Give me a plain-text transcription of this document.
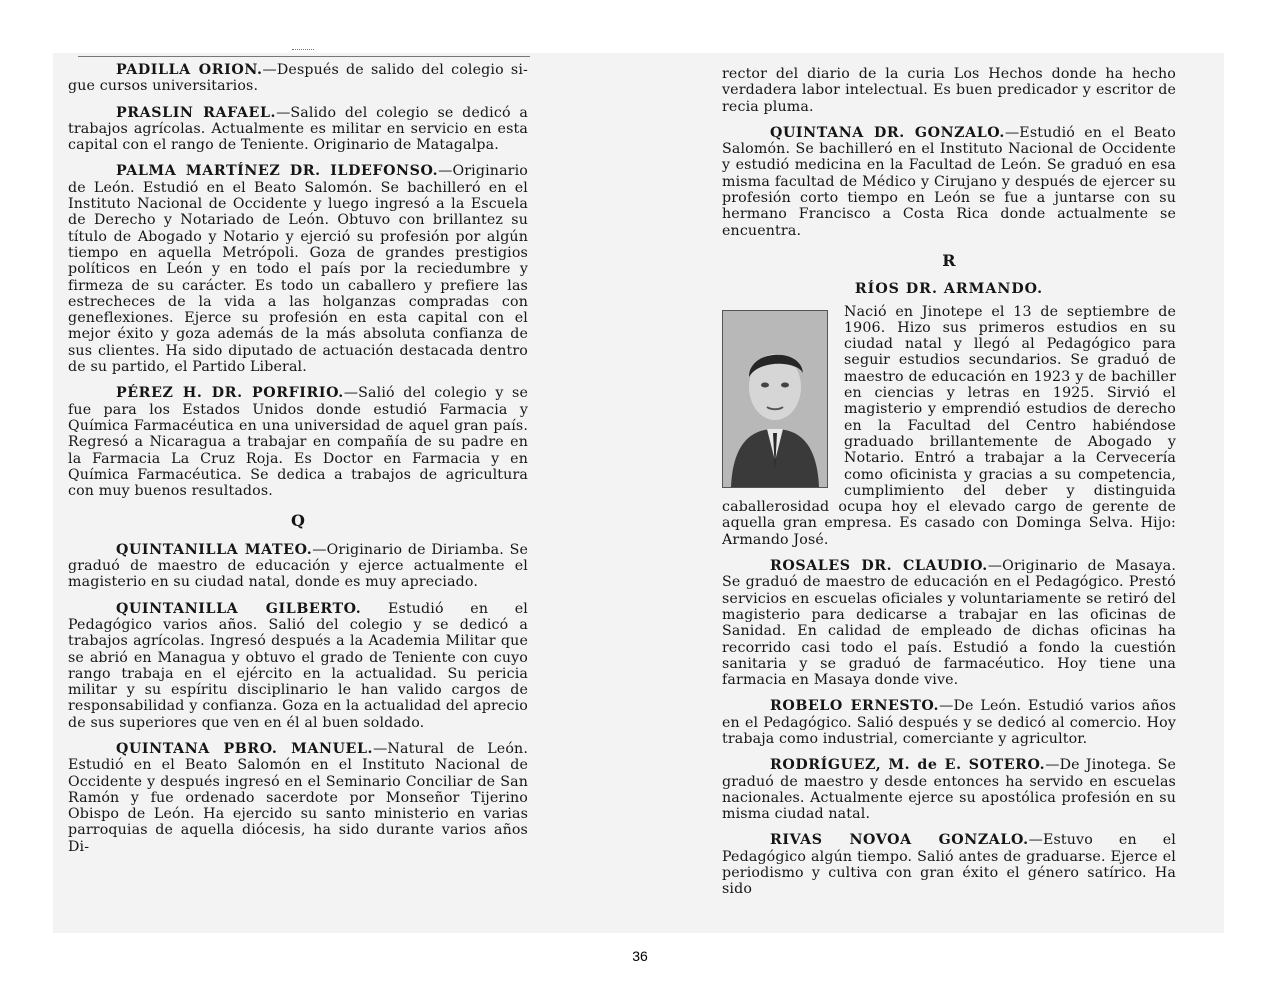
PADILLA ORION.—Después de salido del colegio si- gue cursos universitarios.

PRASLIN RAFAEL.—Salido del colegio se dedicó a trabajos agrícolas. Actualmente es militar en servicio en esta capital con el rango de Teniente. Originario de Matagalpa.

PALMA MARTÍNEZ DR. ILDEFONSO.—Originario de León. Estudió en el Beato Salomón. Se bachilleró en el Instituto Nacional de Occidente y luego ingresó a la Escuela de Derecho y Notariado de León. Obtuvo con brillantez su título de Abogado y Notario y ejerció su profesión por algún tiempo en aquella Metrópoli. Goza de grandes prestigios políticos en León y en todo el país por la reciedumbre y firmeza de su carácter. Es todo un caballero y prefiere las estrecheces de la vida a las holganzas compradas con geneflexiones. Ejerce su profesión en esta capital con el mejor éxito y goza además de la más absoluta confianza de sus clientes. Ha sido diputado de actuación destacada dentro de su partido, el Partido Liberal.

PÉREZ H. DR. PORFIRIO.—Salió del colegio y se fue para los Estados Unidos donde estudió Farmacia y Química Farmacéutica en una universidad de aquel gran país. Regresó a Nicaragua a trabajar en compañía de su padre en la Farmacia La Cruz Roja. Es Doctor en Farmacia y en Química Farmacéutica. Se dedica a trabajos de agricultura con muy buenos resultados.

Q

QUINTANILLA MATEO.—Originario de Diriamba. Se graduó de maestro de educación y ejerce actualmente el magisterio en su ciudad natal, donde es muy apreciado.

QUINTANILLA GILBERTO. Estudió en el Pedagógico varios años. Salió del colegio y se dedicó a trabajos agrícolas. Ingresó después a la Academia Militar que se abrió en Managua y obtuvo el grado de Teniente con cuyo rango trabaja en el ejército en la actualidad. Su pericia militar y su espíritu disciplinario le han valido cargos de responsabilidad y confianza. Goza en la actualidad del aprecio de sus superiores que ven en él al buen soldado.

QUINTANA PBRO. MANUEL.—Natural de León. Estudió en el Beato Salomón en el Instituto Nacional de Occidente y después ingresó en el Seminario Conciliar de San Ramón y fue ordenado sacerdote por Monseñor Tijerino Obispo de León. Ha ejercido su santo ministerio en varias parroquias de aquella diócesis, ha sido durante varios años Di-

rector del diario de la curia Los Hechos donde ha hecho verdadera labor intelectual. Es buen predicador y escritor de recia pluma.

QUINTANA DR. GONZALO.—Estudió en el Beato Salomón. Se bachilleró en el Instituto Nacional de Occidente y estudió medicina en la Facultad de León. Se graduó en esa misma facultad de Médico y Cirujano y después de ejercer su profesión corto tiempo en León se fue a juntarse con su hermano Francisco a Costa Rica donde actualmente se encuentra.

R
RÍOS DR. ARMANDO.

Nació en Jinotepe el 13 de septiembre de 1906. Hizo sus primeros estudios en su ciudad natal y llegó al Pedagógico para seguir estudios secundarios. Se graduó de maestro de educación en 1923 y de bachiller en ciencias y letras en 1925. Sirvió el magisterio y emprendió estudios de derecho en la Facultad del Centro habiéndose graduado brillantemente de Abogado y Notario. Entró a trabajar a la Cervecería como oficinista y gracias a su competencia, cumplimiento del deber y distinguida caballerosidad ocupa hoy el elevado cargo de gerente de aquella gran empresa. Es casado con Dominga Selva. Hijo: Armando José.

ROSALES DR. CLAUDIO.—Originario de Masaya. Se graduó de maestro de educación en el Pedagógico. Prestó servicios en escuelas oficiales y voluntariamente se retiró del magisterio para dedicarse a trabajar en las oficinas de Sanidad. En calidad de empleado de dichas oficinas ha recorrido casi todo el país. Estudió a fondo la cuestión sanitaria y se graduó de farmacéutico. Hoy tiene una farmacia en Masaya donde vive.

ROBELO ERNESTO.—De León. Estudió varios años en el Pedagógico. Salió después y se dedicó al comercio. Hoy trabaja como industrial, comerciante y agricultor.

RODRÍGUEZ, M. de E. SOTERO.—De Jinotega. Se graduó de maestro y desde entonces ha servido en escuelas nacionales. Actualmente ejerce su apostólica profesión en su misma ciudad natal.

RIVAS NOVOA GONZALO.—Estuvo en el Pedagógico algún tiempo. Salió antes de graduarse. Ejerce el periodismo y cultiva con gran éxito el género satírico. Ha sido

36
